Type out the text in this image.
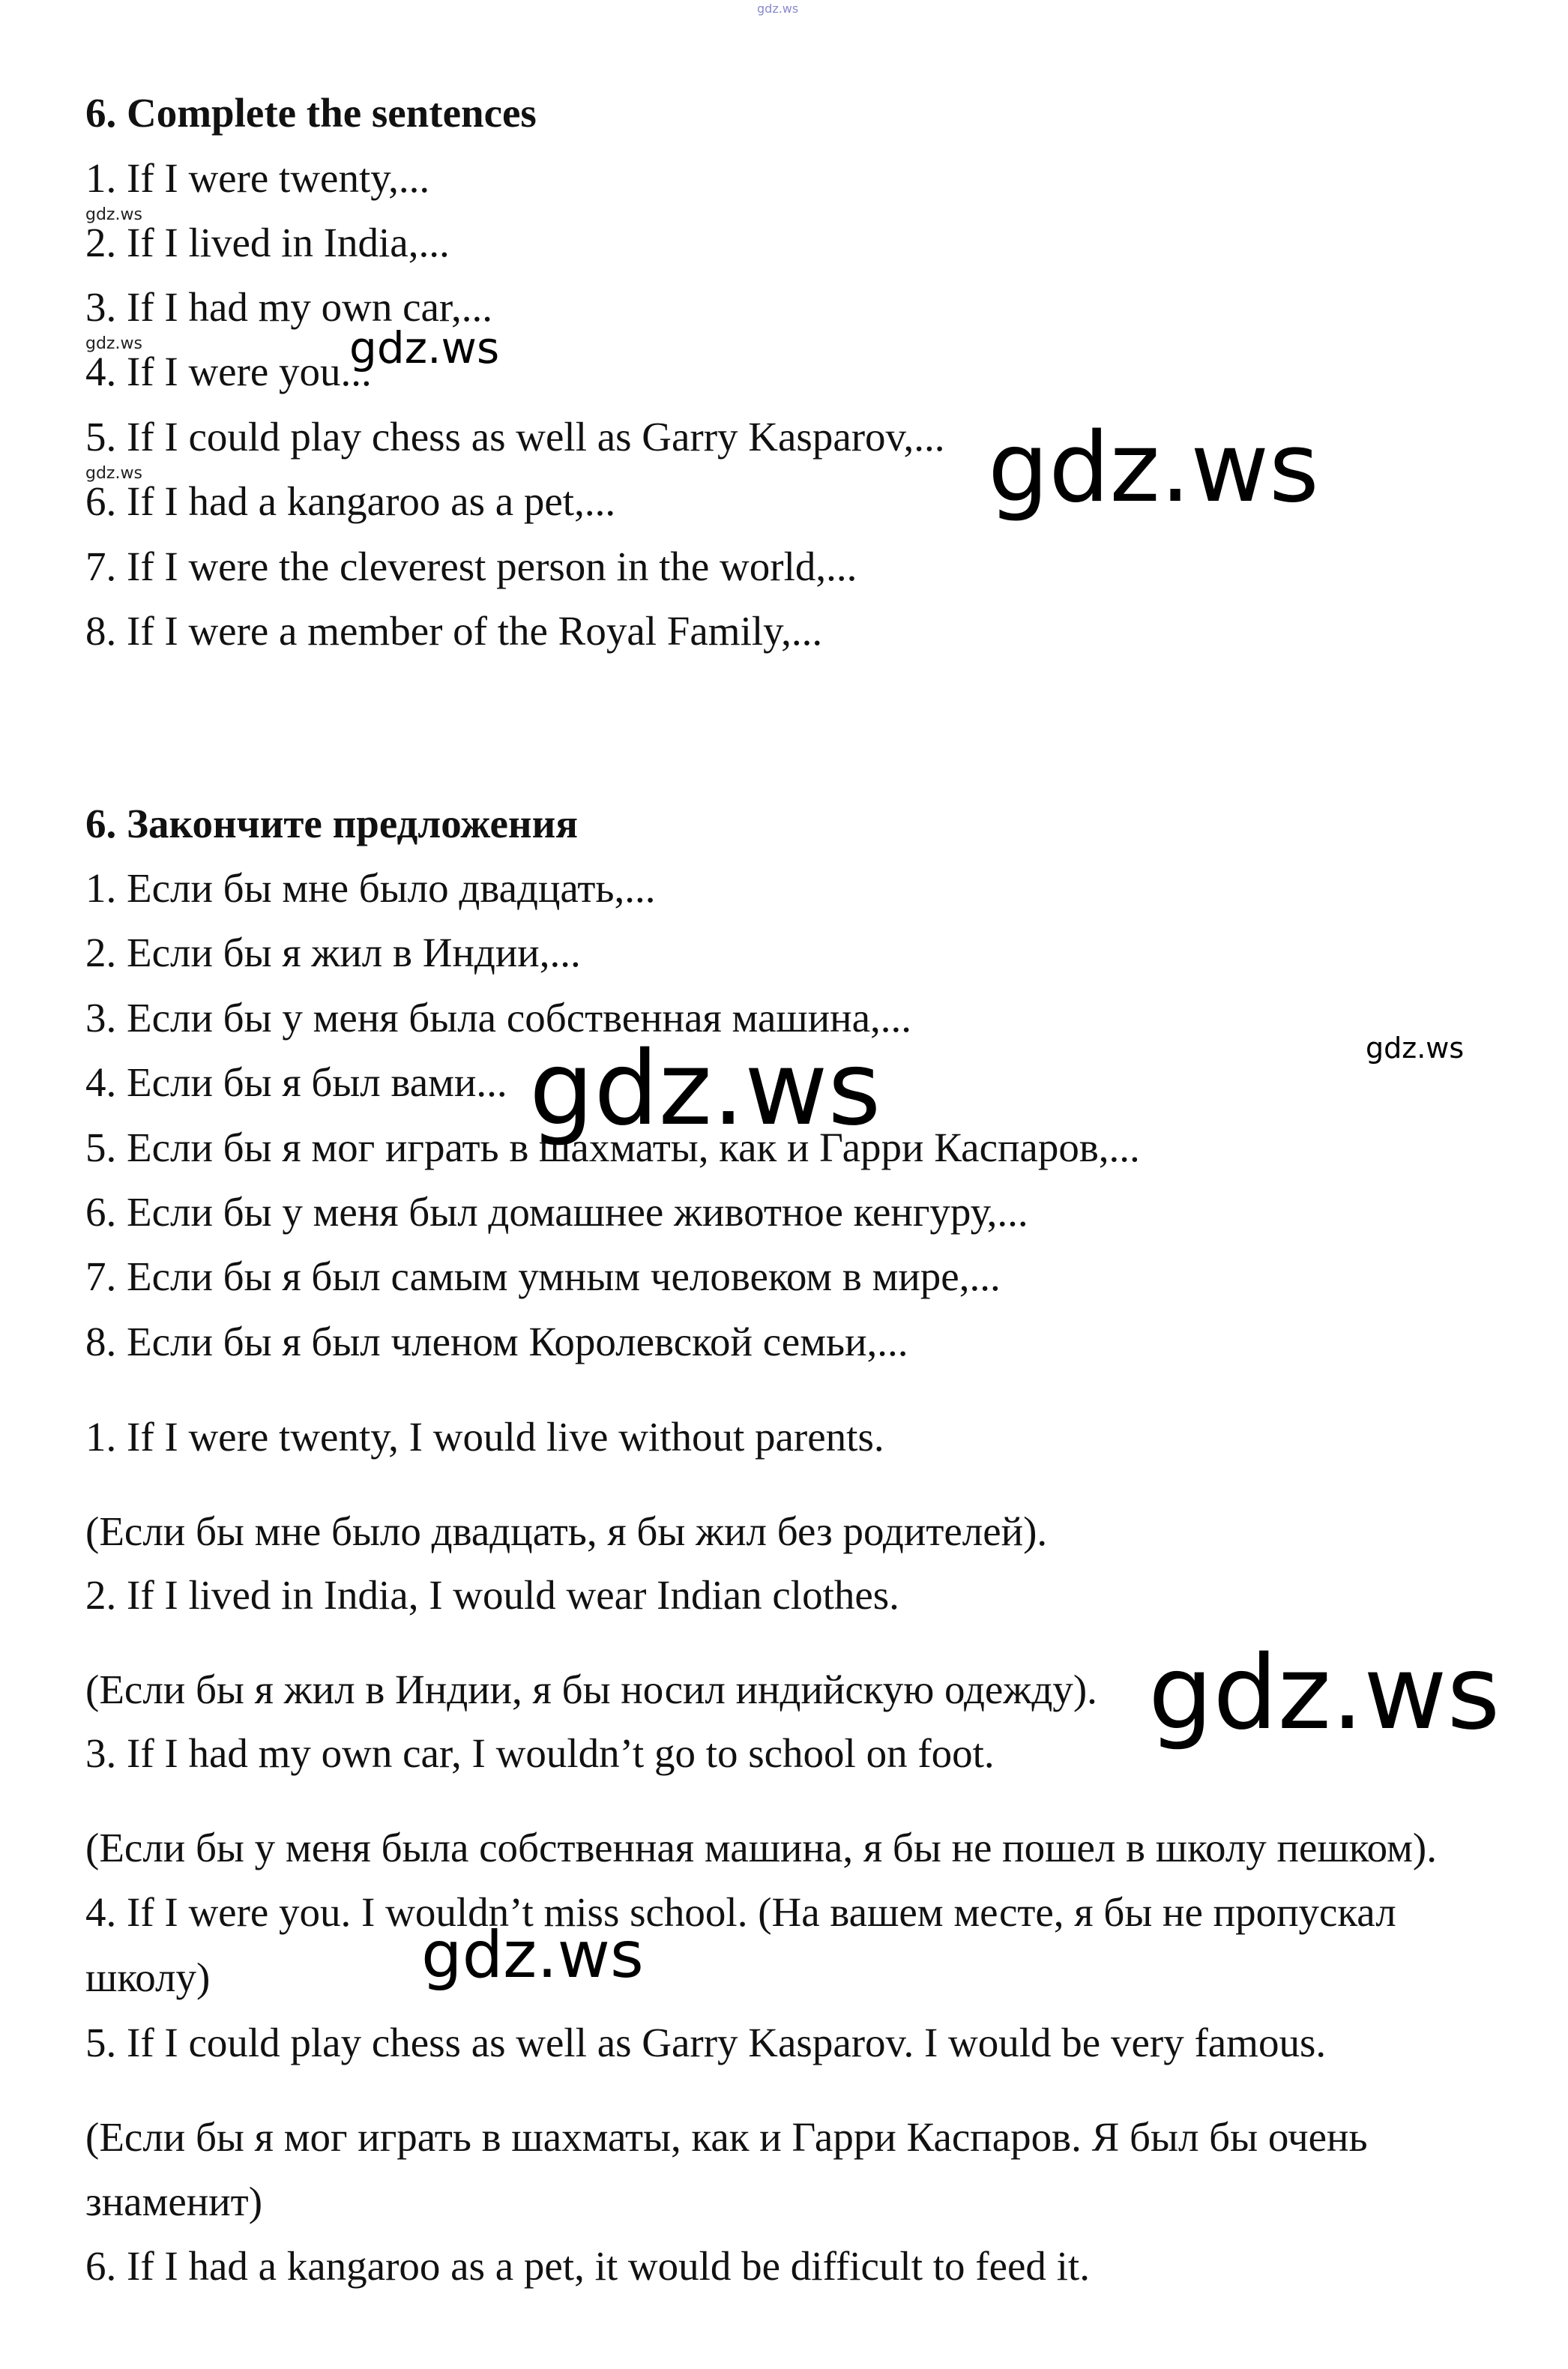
gdz.ws
6. Complete the sentences
1. If I were twenty,...
2. If I lived in India,...
3. If I had my own car,...
4. If I were you...
5. If I could play chess as well as Garry Kasparov,...
6. If I had a kangaroo as a pet,...
7. If I were the cleverest person in the world,...
8. If I were a member of the Royal Family,...
6. Закончите предложения
1. Если бы мне было двадцать,...
2. Если бы я жил в Индии,...
3. Если бы у меня была собственная машина,...
4. Если бы я был вами...
5. Если бы я мог играть в шахматы, как и Гарри Каспаров,...
6. Если бы у меня был домашнее животное кенгуру,...
7. Если бы я был самым умным человеком в мире,...
8. Если бы я был членом Королевской семьи,...
1. If I were twenty, I would live without parents.
(Если бы мне было двадцать, я бы жил без родителей).
2. If I lived in India, I would wear Indian clothes.
(Если бы я жил в Индии, я бы носил индийскую одежду).
3. If I had my own car, I wouldn’t go to school on foot.
(Если бы у меня была собственная машина, я бы не пошел в школу пешком).
4. If I were you. I wouldn’t miss school. (На вашем месте, я бы не пропускал
школу)
5. If I could play chess as well as Garry Kasparov. I would be very famous.
(Если бы я мог играть в шахматы, как и Гарри Каспаров. Я был бы очень
знаменит)
6. If I had a kangaroo as a pet, it would be difficult to feed it.
gdz.ws
gdz.ws
gdz.ws
gdz.ws
gdz.ws
gdz.ws
gdz.ws
gdz.ws
gdz.ws
